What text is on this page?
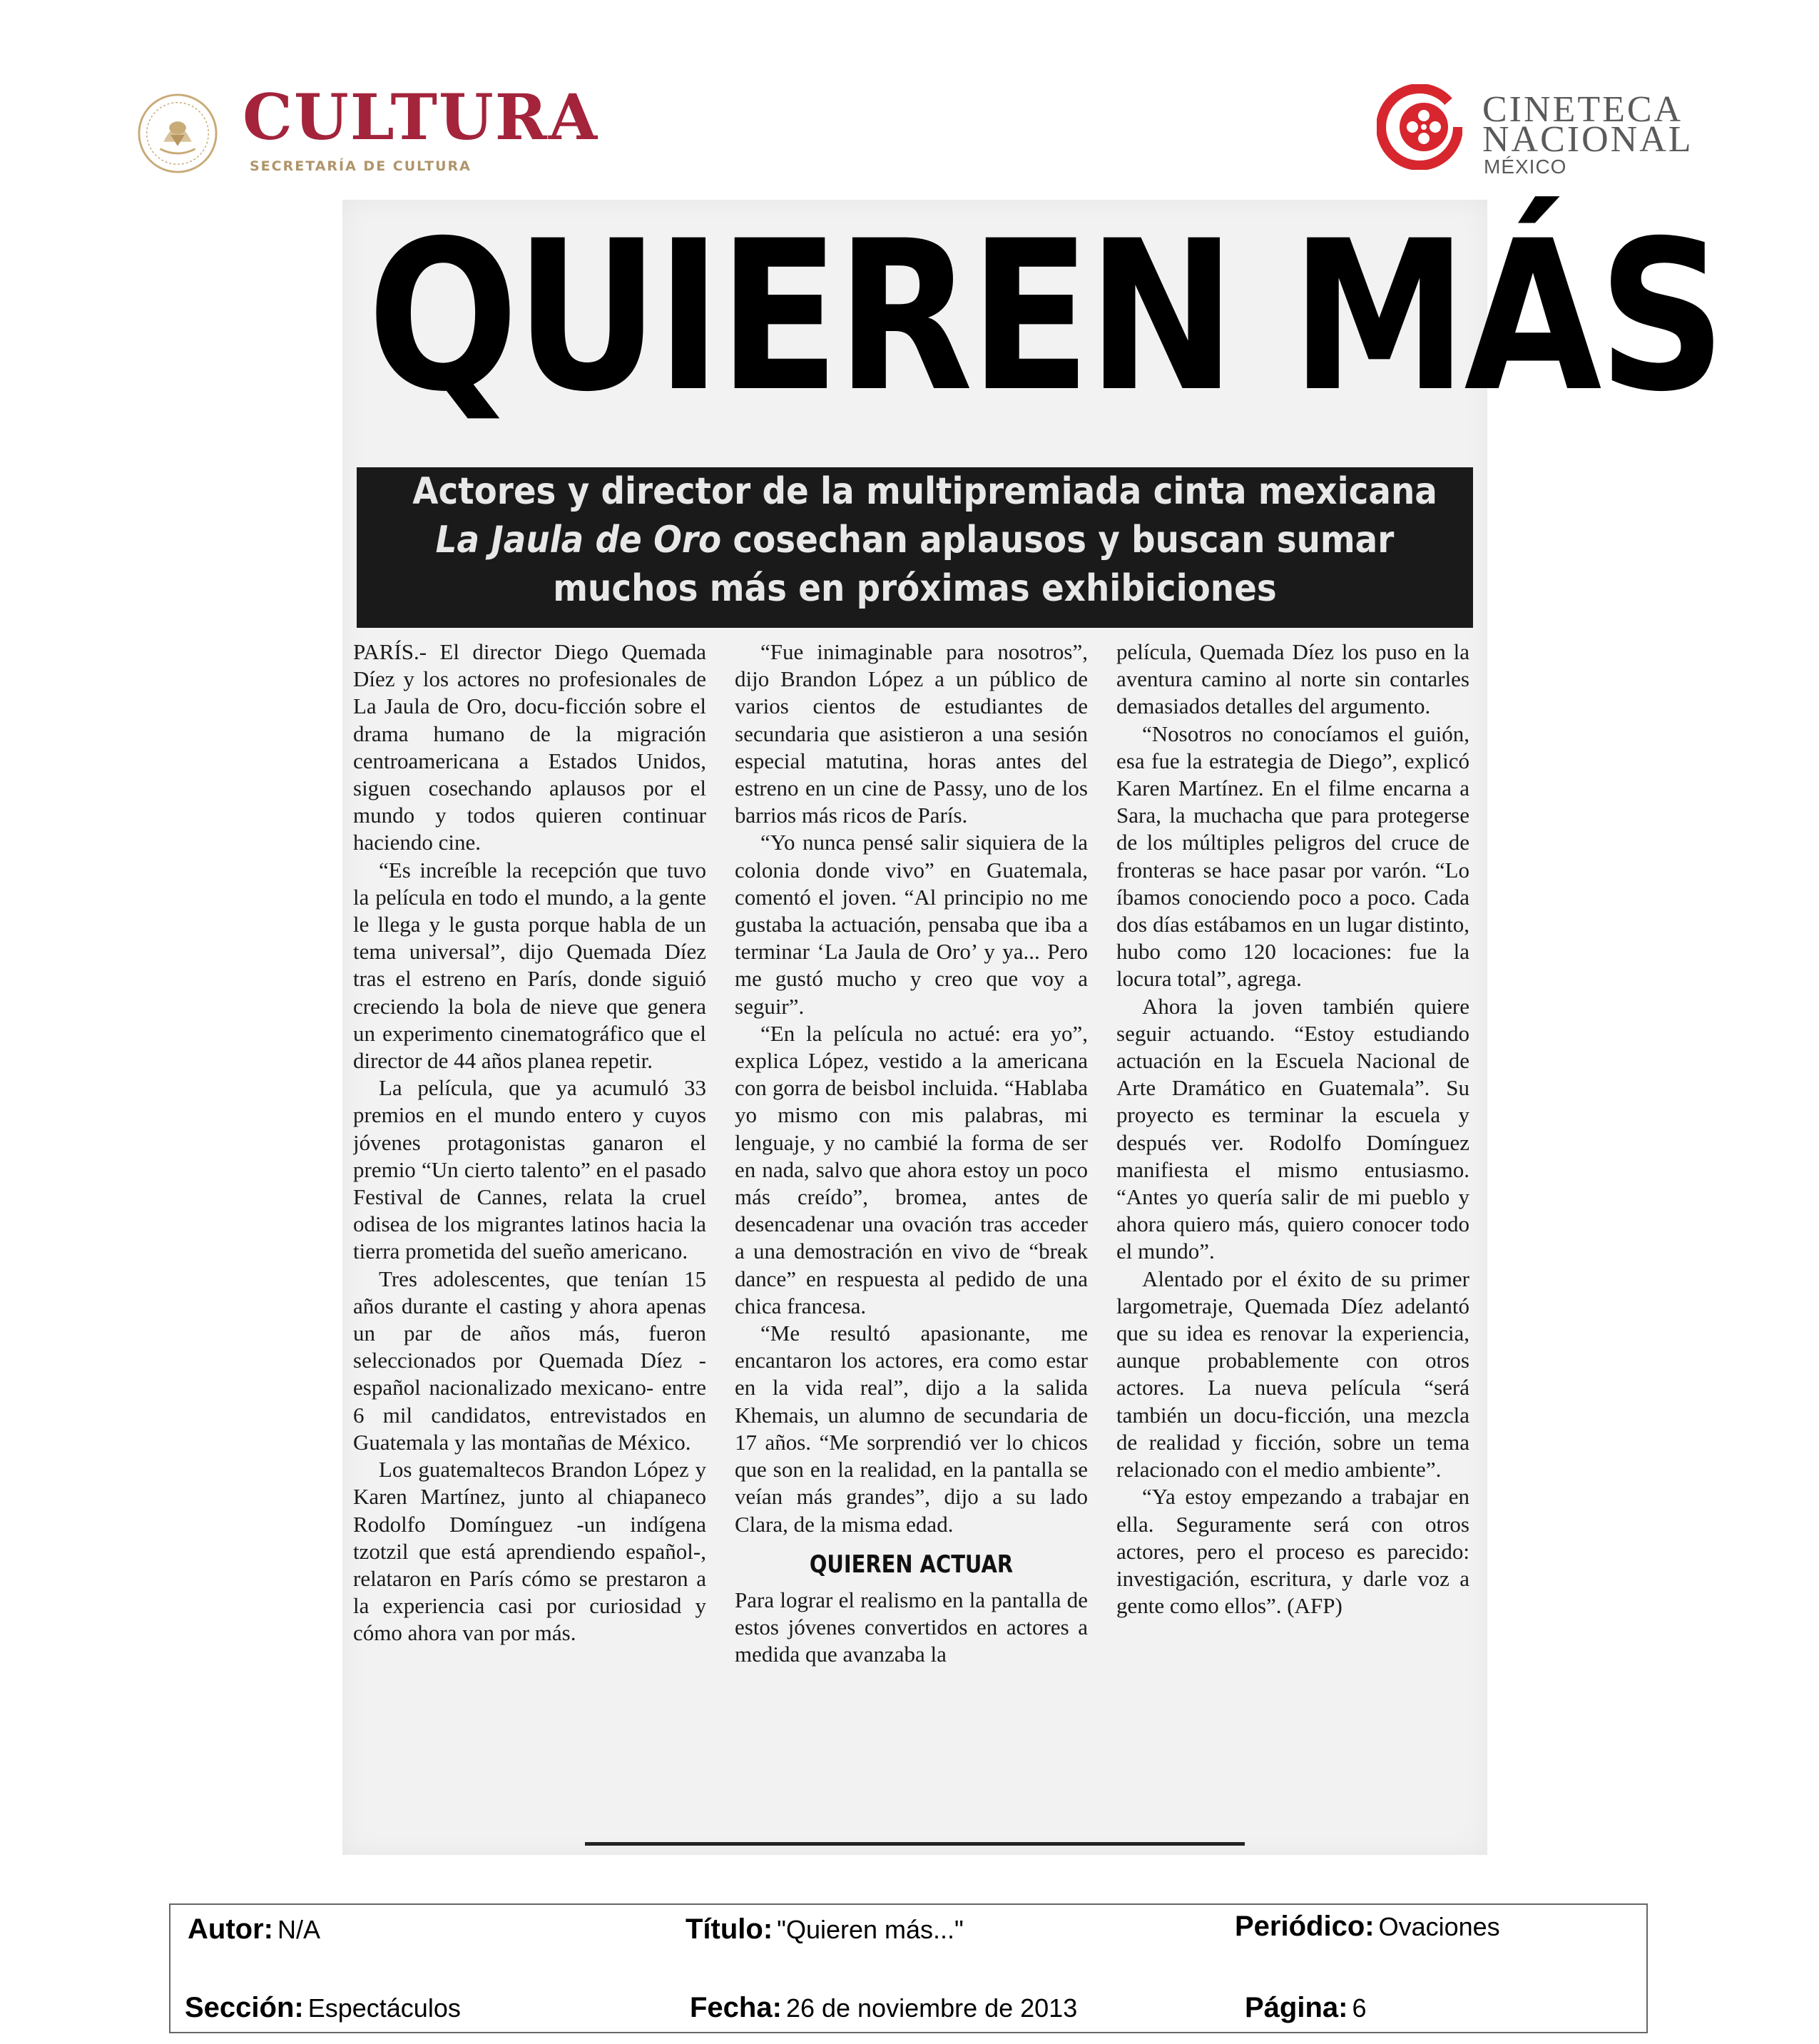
CULTURA
SECRETARÍA DE CULTURA
CINETECA
NACIONAL
MÉXICO
QUIEREN MÁS
Actores y director de la multipremiada cinta mexicana
La Jaula de Oro cosechan aplausos y buscan sumar
muchos más en próximas exhibiciones

PARÍS.- El director Diego Quemada Díez y los actores no profesionales de La Jaula de Oro, docu-ficción sobre el drama humano de la migración centroamericana a Estados Unidos, siguen cosechando aplausos por el mundo y todos quieren continuar haciendo cine.

“Es increíble la recepción que tuvo la película en todo el mundo, a la gente le llega y le gusta porque habla de un tema universal”, dijo Quemada Díez tras el estreno en París, donde siguió creciendo la bola de nieve que genera un experimento cinematográfico que el director de 44 años planea repetir.

La película, que ya acumuló 33 premios en el mundo entero y cuyos jóvenes protagonistas ganaron el premio “Un cierto talento” en el pasado Festival de Cannes, relata la cruel odisea de los migrantes latinos hacia la tierra prometida del sueño americano.

Tres adolescentes, que tenían 15 años durante el casting y ahora apenas un par de años más, fueron seleccionados por Quemada Díez - español nacionalizado mexicano- entre 6 mil candidatos, entrevistados en Guatemala y las montañas de México.

Los guatemaltecos Brandon López y Karen Martínez, junto al chiapaneco Rodolfo Domínguez -un indígena tzotzil que está aprendiendo español-, relataron en París cómo se prestaron a la experiencia casi por curiosidad y cómo ahora van por más.

“Fue inimaginable para nosotros”, dijo Brandon López a un público de varios cientos de estudiantes de secundaria que asistieron a una sesión especial matutina, horas antes del estreno en un cine de Passy, uno de los barrios más ricos de París.

“Yo nunca pensé salir siquiera de la colonia donde vivo” en Guatemala, comentó el joven. “Al principio no me gustaba la actuación, pensaba que iba a terminar ‘La Jaula de Oro’ y ya... Pero me gustó mucho y creo que voy a seguir”.

“En la película no actué: era yo”, explica López, vestido a la americana con gorra de beisbol incluida. “Hablaba yo mismo con mis palabras, mi lenguaje, y no cambié la forma de ser en nada, salvo que ahora estoy un poco más creído”, bromea, antes de desencadenar una ovación tras acceder a una demostración en vivo de “break dance” en respuesta al pedido de una chica francesa.

“Me resultó apasionante, me encantaron los actores, era como estar en la vida real”, dijo a la salida Khemais, un alumno de secundaria de 17 años. “Me sorprendió ver lo chicos que son en la realidad, en la pantalla se veían más grandes”, dijo a su lado Clara, de la misma edad.

QUIEREN ACTUAR

Para lograr el realismo en la pantalla de estos jóvenes convertidos en actores a medida que avanzaba la

película, Quemada Díez los puso en la aventura camino al norte sin contarles demasiados detalles del argumento.

“Nosotros no conocíamos el guión, esa fue la estrategia de Diego”, explicó Karen Martínez. En el filme encarna a Sara, la muchacha que para protegerse de los múltiples peligros del cruce de fronteras se hace pasar por varón. “Lo íbamos conociendo poco a poco. Cada dos días estábamos en un lugar distinto, hubo como 120 locaciones: fue la locura total”, agrega.

Ahora la joven también quiere seguir actuando. “Estoy estudiando actuación en la Escuela Nacional de Arte Dramático en Guatemala”. Su proyecto es terminar la escuela y después ver. Rodolfo Domínguez manifiesta el mismo entusiasmo. “Antes yo quería salir de mi pueblo y ahora quiero más, quiero conocer todo el mundo”.

Alentado por el éxito de su primer largometraje, Quemada Díez adelantó que su idea es renovar la experiencia, aunque probablemente con otros actores. La nueva película “será también un docu-ficción, una mezcla de realidad y ficción, sobre un tema relacionado con el medio ambiente”.

“Ya estoy empezando a trabajar en ella. Seguramente será con otros actores, pero el proceso es parecido: investigación, escritura, y darle voz a gente como ellos”. (AFP)

Autor: N/A	Título: "Quieren más..."	Periódico: Ovaciones
Sección: Espectáculos	Fecha: 26 de noviembre de 2013	Página: 6
